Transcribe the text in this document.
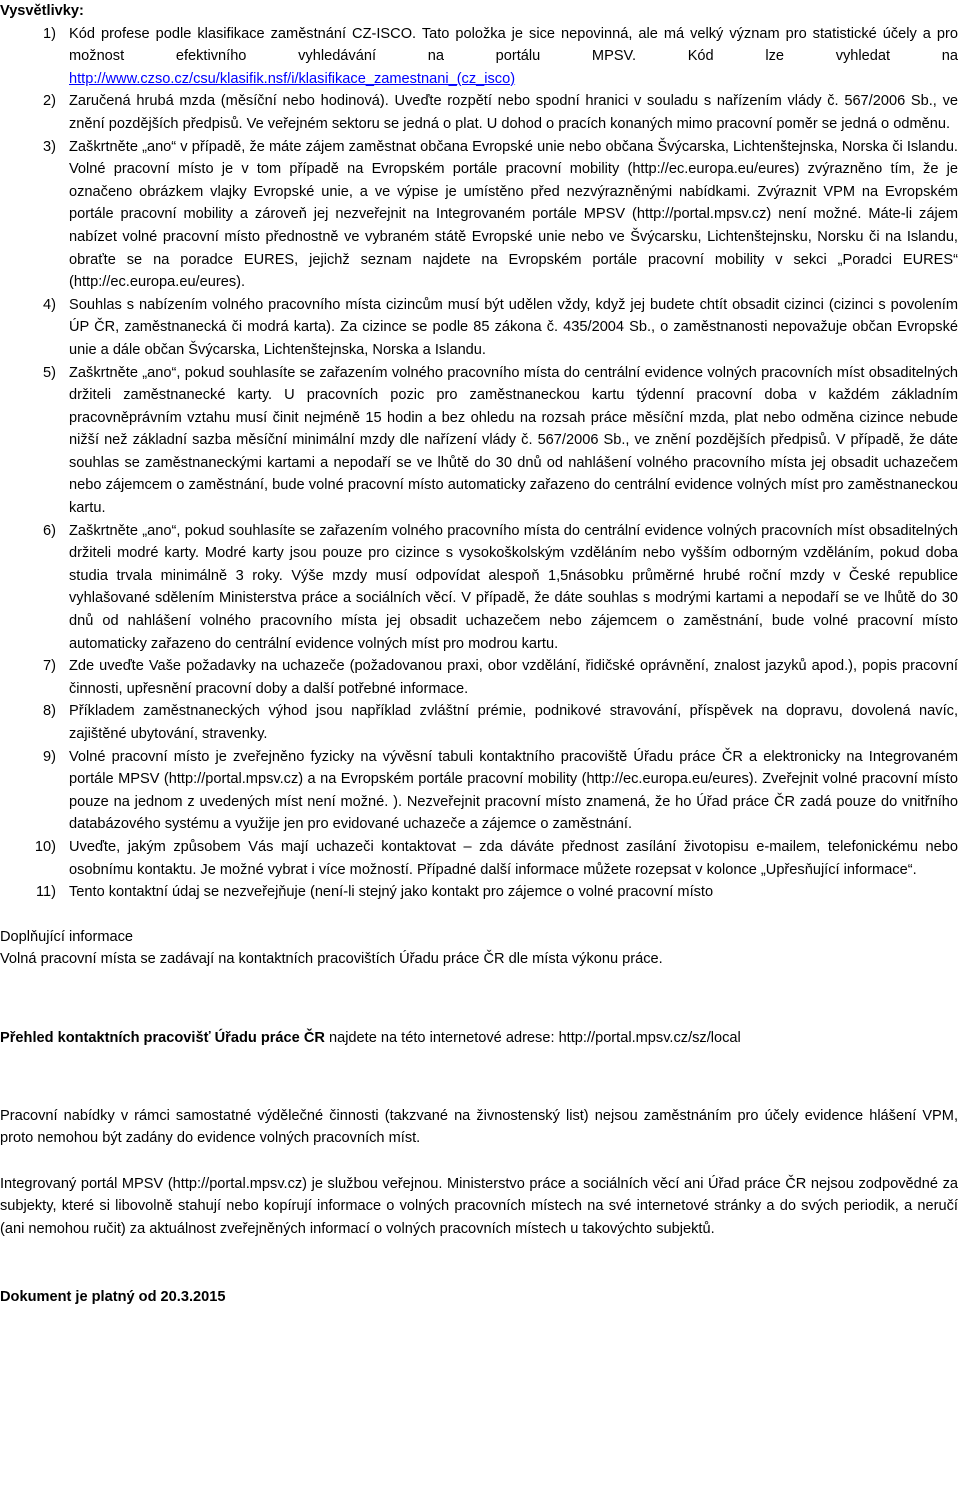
Vysvětlivky:

1) Kód profese podle klasifikace zaměstnání CZ-ISCO. Tato položka je sice nepovinná, ale má velký význam pro statistické účely a pro možnost efektivního vyhledávání na portálu MPSV. Kód lze vyhledat na http://www.czso.cz/csu/klasifik.nsf/i/klasifikace_zamestnani_(cz_isco)
2) Zaručená hrubá mzda (měsíční nebo hodinová). Uveďte rozpětí nebo spodní hranici v souladu s nařízením vlády č. 567/2006 Sb., ve znění pozdějších předpisů. Ve veřejném sektoru se jedná o plat. U dohod o pracích konaných mimo pracovní poměr se jedná o odměnu.
3) Zaškrtněte „ano“ v případě, že máte zájem zaměstnat občana Evropské unie nebo občana Švýcarska, Lichtenštejnska, Norska či Islandu. Volné pracovní místo je v tom případě na Evropském portále pracovní mobility (http://ec.europa.eu/eures) zvýrazněno tím, že je označeno obrázkem vlajky Evropské unie, a ve výpise je umístěno před nezvýrazněnými nabídkami. Zvýraznit VPM na Evropském portále pracovní mobility a zároveň jej nezveřejnit na Integrovaném portále MPSV (http://portal.mpsv.cz) není možné. Máte-li zájem nabízet volné pracovní místo přednostně ve vybraném státě Evropské unie nebo ve Švýcarsku, Lichtenštejnsku, Norsku či na Islandu, obraťte se na poradce EURES, jejichž seznam najdete na Evropském portále pracovní mobility v sekci „Poradci EURES“ (http://ec.europa.eu/eures).
4) Souhlas s nabízením volného pracovního místa cizincům musí být udělen vždy, když jej budete chtít obsadit cizinci (cizinci s povolením ÚP ČR, zaměstnanecká či modrá karta). Za cizince se podle 85 zákona č. 435/2004 Sb., o zaměstnanosti nepovažuje občan Evropské unie a dále občan Švýcarska, Lichtenštejnska, Norska a Islandu.
5) Zaškrtněte „ano“, pokud souhlasíte se zařazením volného pracovního místa do centrální evidence volných pracovních míst obsaditelných držiteli zaměstnanecké karty. U pracovních pozic pro zaměstnaneckou kartu týdenní pracovní doba v každém základním pracovněprávním vztahu musí činit nejméně 15 hodin a bez ohledu na rozsah práce měsíční mzda, plat nebo odměna cizince nebude nižší než základní sazba měsíční minimální mzdy dle nařízení vlády č. 567/2006 Sb., ve znění pozdějších předpisů. V případě, že dáte souhlas se zaměstnaneckými kartami a nepodaří se ve lhůtě do 30 dnů od nahlášení volného pracovního místa jej obsadit uchazečem nebo zájemcem o zaměstnání, bude volné pracovní místo automaticky zařazeno do centrální evidence volných míst pro zaměstnaneckou kartu.
6) Zaškrtněte „ano“, pokud souhlasíte se zařazením volného pracovního místa do centrální evidence volných pracovních míst obsaditelných držiteli modré karty. Modré karty jsou pouze pro cizince s vysokoškolským vzděláním nebo vyšším odborným vzděláním, pokud doba studia trvala minimálně 3 roky. Výše mzdy musí odpovídat alespoň 1,5násobku průměrné hrubé roční mzdy v České republice vyhlašované sdělením Ministerstva práce a sociálních věcí. V případě, že dáte souhlas s modrými kartami a nepodaří se ve lhůtě do 30 dnů od nahlášení volného pracovního místa jej obsadit uchazečem nebo zájemcem o zaměstnání, bude volné pracovní místo automaticky zařazeno do centrální evidence volných míst pro modrou kartu.
7) Zde uveďte Vaše požadavky na uchazeče (požadovanou praxi, obor vzdělání, řidičské oprávnění, znalost jazyků apod.), popis pracovní činnosti, upřesnění pracovní doby a další potřebné informace.
8) Příkladem zaměstnaneckých výhod jsou například zvláštní prémie, podnikové stravování, příspěvek na dopravu, dovolená navíc, zajištěné ubytování, stravenky.
9) Volné pracovní místo je zveřejněno fyzicky na vývěsní tabuli kontaktního pracoviště Úřadu práce ČR a elektronicky na Integrovaném portále MPSV (http://portal.mpsv.cz) a na Evropském portále pracovní mobility (http://ec.europa.eu/eures). Zveřejnit volné pracovní místo pouze na jednom z uvedených míst není možné. ). Nezveřejnit pracovní místo znamená, že ho Úřad práce ČR zadá pouze do vnitřního databázového systému a využije jen pro evidované uchazeče a zájemce o zaměstnání.
10) Uveďte, jakým způsobem Vás mají uchazeči kontaktovat – zda dáváte přednost zasílání životopisu e-mailem, telefonickému nebo osobnímu kontaktu. Je možné vybrat i více možností. Případné další informace můžete rozepsat v kolonce „Upřesňující informace“.
11) Tento kontaktní údaj se nezveřejňuje (není-li stejný jako kontakt pro zájemce o volné pracovní místo

Doplňující informace

Volná pracovní místa se zadávají na kontaktních pracovištích Úřadu práce ČR dle místa výkonu práce.

Přehled kontaktních pracovišť Úřadu práce ČR najdete na této internetové adrese: http://portal.mpsv.cz/sz/local

Pracovní nabídky v rámci samostatné výdělečné činnosti (takzvané na živnostenský list) nejsou zaměstnáním pro účely evidence hlášení VPM, proto nemohou být zadány do evidence volných pracovních míst.

Integrovaný portál MPSV (http://portal.mpsv.cz) je službou veřejnou. Ministerstvo práce a sociálních věcí ani Úřad práce ČR nejsou zodpovědné za subjekty, které si libovolně stahují nebo kopírují informace o volných pracovních místech na své internetové stránky a do svých periodik, a neručí (ani nemohou ručit) za aktuálnost zveřejněných informací o volných pracovních místech u takovýchto subjektů.

Dokument je platný od 20.3.2015
